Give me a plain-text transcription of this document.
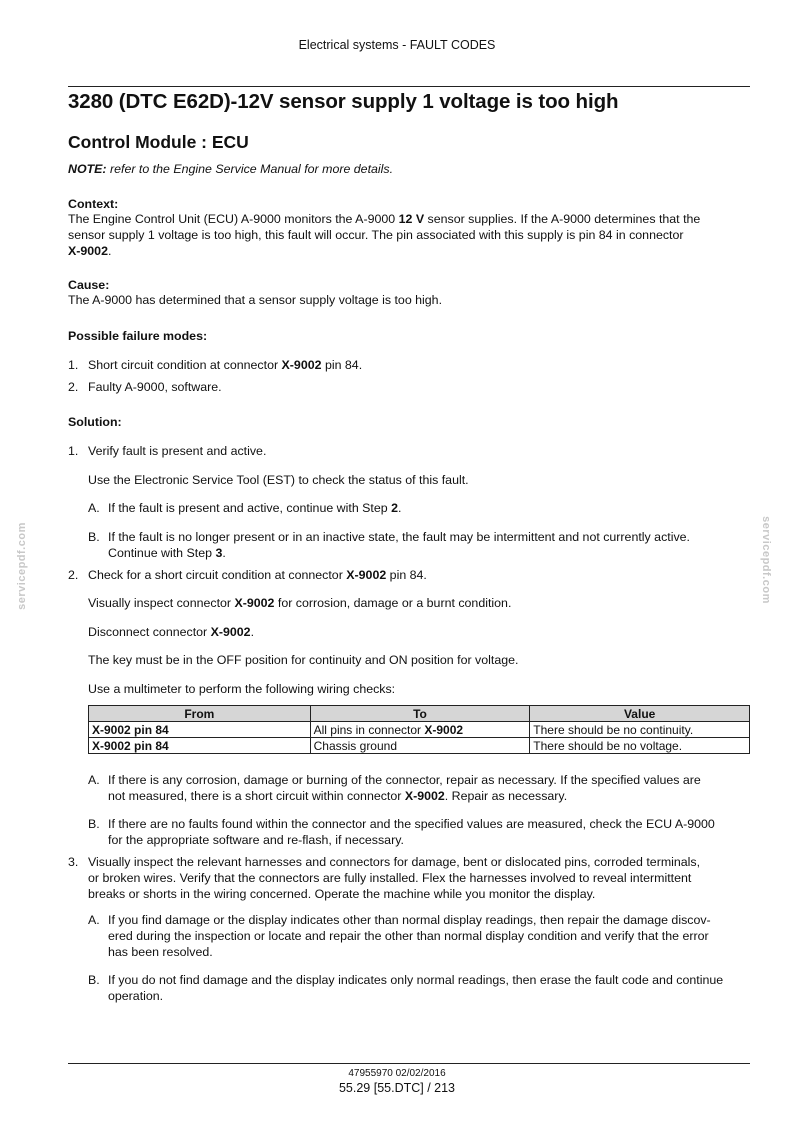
Electrical systems - FAULT CODES
3280 (DTC E62D)-12V sensor supply 1 voltage is too high
Control Module : ECU
NOTE: refer to the Engine Service Manual for more details.
Context:
The Engine Control Unit (ECU) A-9000 monitors the A-9000 12 V sensor supplies. If the A-9000 determines that the
sensor supply 1 voltage is too high, this fault will occur. The pin associated with this supply is pin 84 in connector
X-9002.
Cause:
The A-9000 has determined that a sensor supply voltage is too high.
Possible failure modes:
1. Short circuit condition at connector X-9002 pin 84.
2. Faulty A-9000, software.
Solution:
1. Verify fault is present and active.
Use the Electronic Service Tool (EST) to check the status of this fault.
A. If the fault is present and active, continue with Step 2.
B. If the fault is no longer present or in an inactive state, the fault may be intermittent and not currently active.
Continue with Step 3.
2. Check for a short circuit condition at connector X-9002 pin 84.
Visually inspect connector X-9002 for corrosion, damage or a burnt condition.
Disconnect connector X-9002.
The key must be in the OFF position for continuity and ON position for voltage.
Use a multimeter to perform the following wiring checks:
From	To	Value
X-9002 pin 84	All pins in connector X-9002	There should be no continuity.
X-9002 pin 84	Chassis ground	There should be no voltage.
A. If there is any corrosion, damage or burning of the connector, repair as necessary. If the specified values are
not measured, there is a short circuit within connector X-9002. Repair as necessary.
B. If there are no faults found within the connector and the specified values are measured, check the ECU A-9000
for the appropriate software and re-flash, if necessary.
3. Visually inspect the relevant harnesses and connectors for damage, bent or dislocated pins, corroded terminals,
or broken wires. Verify that the connectors are fully installed. Flex the harnesses involved to reveal intermittent
breaks or shorts in the wiring concerned. Operate the machine while you monitor the display.
A. If you find damage or the display indicates other than normal display readings, then repair the damage discov-
ered during the inspection or locate and repair the other than normal display condition and verify that the error
has been resolved.
B. If you do not find damage and the display indicates only normal readings, then erase the fault code and continue
operation.
servicepdf.com	servicepdf.com
47955970 02/02/2016
55.29 [55.DTC] / 213
